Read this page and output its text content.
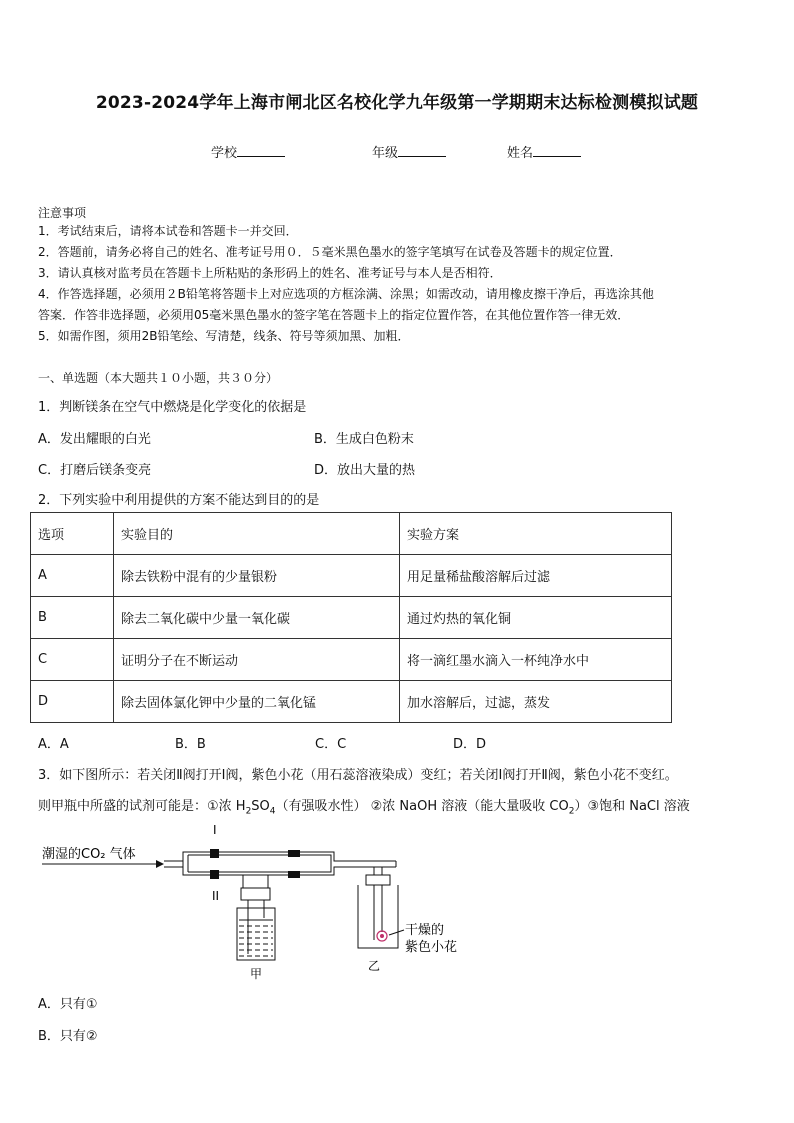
2023-2024学年上海市闸北区名校化学九年级第一学期期末达标检测模拟试题
学校	年级	姓名
注意事项
1．考试结束后，请将本试卷和答题卡一并交回．
2．答题前，请务必将自己的姓名、准考证号用０．５毫米黑色墨水的签字笔填写在试卷及答题卡的规定位置．
3．请认真核对监考员在答题卡上所粘贴的条形码上的姓名、准考证号与本人是否相符．
4．作答选择题，必须用２B铅笔将答题卡上对应选项的方框涂满、涂黑；如需改动，请用橡皮擦干净后，再选涂其他
答案．作答非选择题，必须用05毫米黑色墨水的签字笔在答题卡上的指定位置作答，在其他位置作答一律无效．
5．如需作图，须用2B铅笔绘、写清楚，线条、符号等须加黑、加粗．
一、单选题（本大题共１０小题，共３０分）
1．判断镁条在空气中燃烧是化学变化的依据是
A．发出耀眼的白光	B．生成白色粉末
C．打磨后镁条变亮	D．放出大量的热
2．下列实验中利用提供的方案不能达到目的的是
选项	实验目的	实验方案
A	除去铁粉中混有的少量银粉	用足量稀盐酸溶解后过滤
B	除去二氧化碳中少量一氧化碳	通过灼热的氧化铜
C	证明分子在不断运动	将一滴红墨水滴入一杯纯净水中
D	除去固体氯化钾中少量的二氧化锰	加水溶解后，过滤，蒸发
A．A	B．B	C．C	D．D
3．如下图所示：若关闭Ⅱ阀打开Ⅰ阀，紫色小花（用石蕊溶液染成）变红；若关闭Ⅰ阀打开Ⅱ阀，紫色小花不变红。
则甲瓶中所盛的试剂可能是：①浓 $H_2SO_4$（有强吸水性） ②浓 NaOH 溶液（能大量吸收 $CO_2)③$饱和 NaCl 溶液
潮湿的CO₂ 气体
I
II
甲
干燥的
紫色小花
乙
A．只有①
B．只有②
